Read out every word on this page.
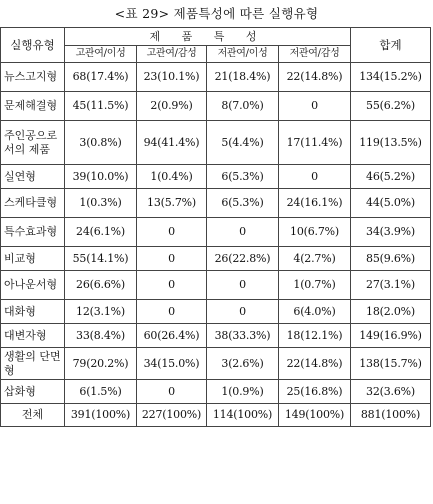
<표 29> 제품특성에 따른 실행유형
실행유형	제 품 특 성				합계
	고관여/이성	고관여/감성	저관여/이성	저관여/감성	
뉴스고지형	68(17.4%)	23(10.1%)	21(18.4%)	22(14.8%)	134(15.2%)
문제해결형	45(11.5%)	2(0.9%)	8(7.0%)	0	55(6.2%)
주인공으로서의 제품	3(0.8%)	94(41.4%)	5(4.4%)	17(11.4%)	119(13.5%)
실연형	39(10.0%)	1(0.4%)	6(5.3%)	0	46(5.2%)
스케타클형	1(0.3%)	13(5.7%)	6(5.3%)	24(16.1%)	44(5.0%)
특수효과형	24(6.1%)	0	0	10(6.7%)	34(3.9%)
비교형	55(14.1%)	0	26(22.8%)	4(2.7%)	85(9.6%)
아나운서형	26(6.6%)	0	0	1(0.7%)	27(3.1%)
대화형	12(3.1%)	0	0	6(4.0%)	18(2.0%)
대변자형	33(8.4%)	60(26.4%)	38(33.3%)	18(12.1%)	149(16.9%)
생활의 단면형	79(20.2%)	34(15.0%)	3(2.6%)	22(14.8%)	138(15.7%)
삽화형	6(1.5%)	0	1(0.9%)	25(16.8%)	32(3.6%)
전체	391(100%)	227(100%)	114(100%)	149(100%)	881(100%)
